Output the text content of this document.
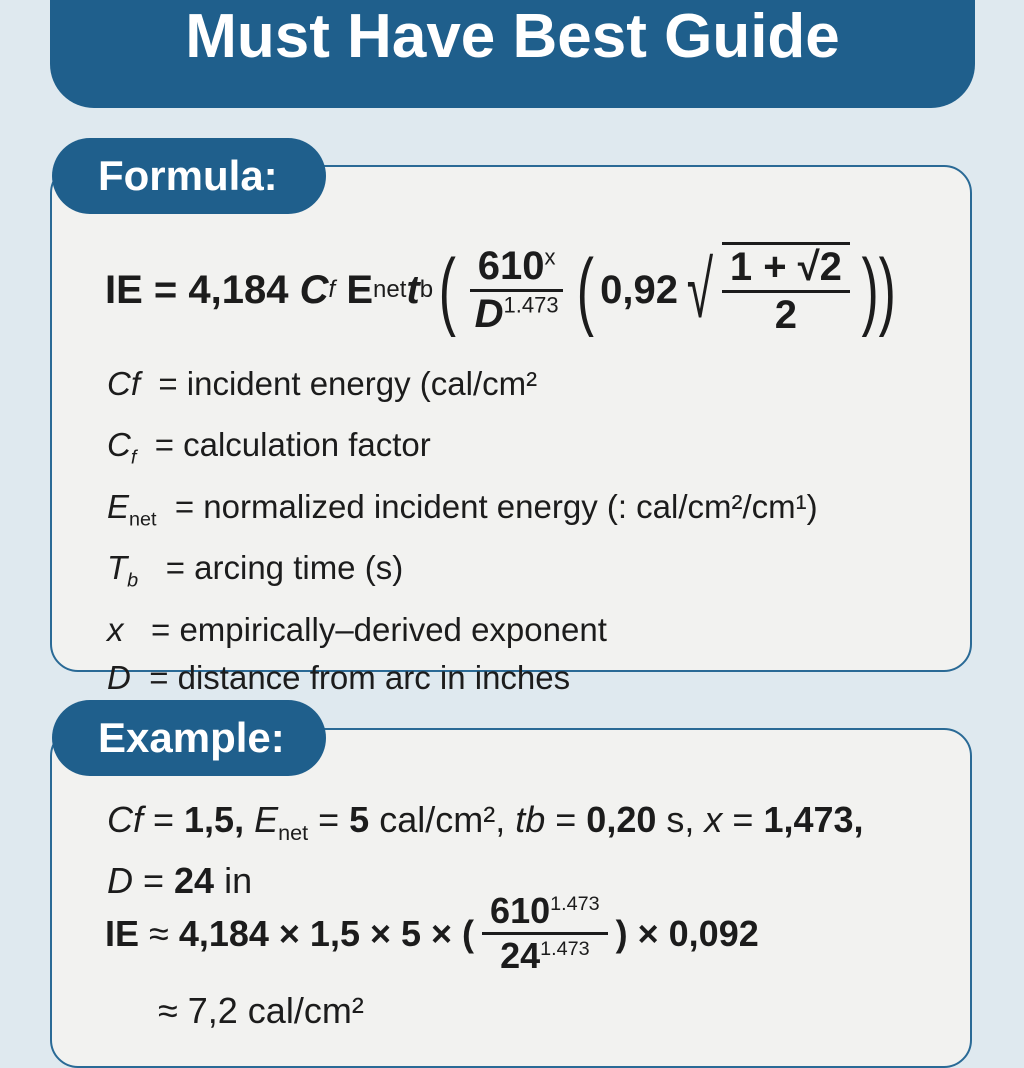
Must Have Best Guide
Formula:
IE
=
4,184
C f
E net t b ( $\frac{610^x}{D^{1.473}}$ ( 0,92 √ $\frac{1 + √2}{2}$ ))
Cf = incident energy (cal/cm²
$C_f$ = calculation factor
$E_{net}$ = normalized incident energy (: cal/cm²/cm¹)
$T_b$ = arcing time (s)
x = empirically–derived exponent
D = distance from arc in inches
Example:
Cf = 1,5, $E_{net} = 5$ cal/cm², tb = 0,20 s, x = 1,473,
D = 24 in
IE
≈
4,184 × 1,5 × 5 × ( $\frac{610^{1.473}}{24^{1.473}}$ ) × 0,092
≈ 7,2 cal/cm²
